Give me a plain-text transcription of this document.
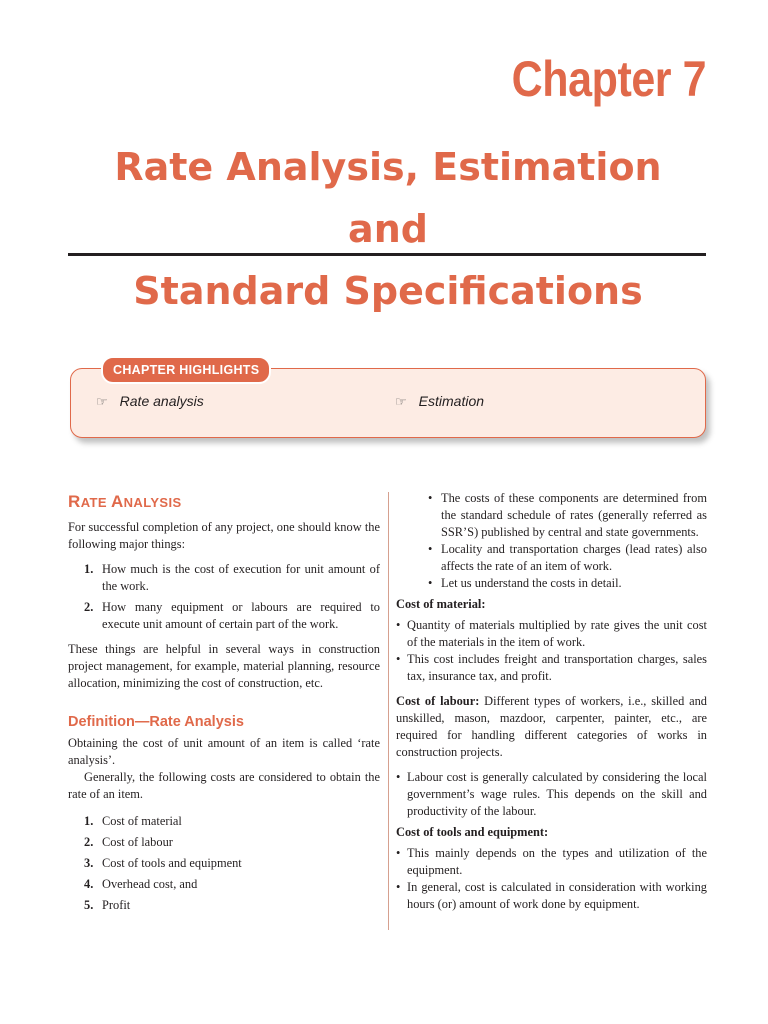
Chapter 7
Rate Analysis, Estimation and
Standard Specifications
CHAPTER HIGHLIGHTS
☞ Rate analysis	☞ Estimation
RATE ANALYSIS

For successful completion of any project, one should know the following major things:

1. How much is the cost of execution for unit amount of the work.
2. How many equipment or labours are required to execute unit amount of certain part of the work.

These things are helpful in several ways in construction project management, for example, material planning, resource allocation, minimizing the cost of construction, etc.

Definition—Rate Analysis

Obtaining the cost of unit amount of an item is called ‘rate analysis’.

Generally, the following costs are considered to obtain the rate of an item.

1. Cost of material
2. Cost of labour
3. Cost of tools and equipment
4. Overhead cost, and
5. Profit
• The costs of these components are determined from the standard schedule of rates (generally referred as SSR’S) published by central and state governments.
• Locality and transportation charges (lead rates) also affects the rate of an item of work.
• Let us understand the costs in detail.

Cost of material:

• Quantity of materials multiplied by rate gives the unit cost of the materials in the item of work.
• This cost includes freight and transportation charges, sales tax, insurance tax, and profit.

Cost of labour: Different types of workers, i.e., skilled and unskilled, mason, mazdoor, carpenter, painter, etc., are required for handling different categories of works in construction projects.

• Labour cost is generally calculated by considering the local government’s wage rules. This depends on the skill and productivity of the labour.

Cost of tools and equipment:

• This mainly depends on the types and utilization of the equipment.
• In general, cost is calculated in consideration with working hours (or) amount of work done by equipment.
